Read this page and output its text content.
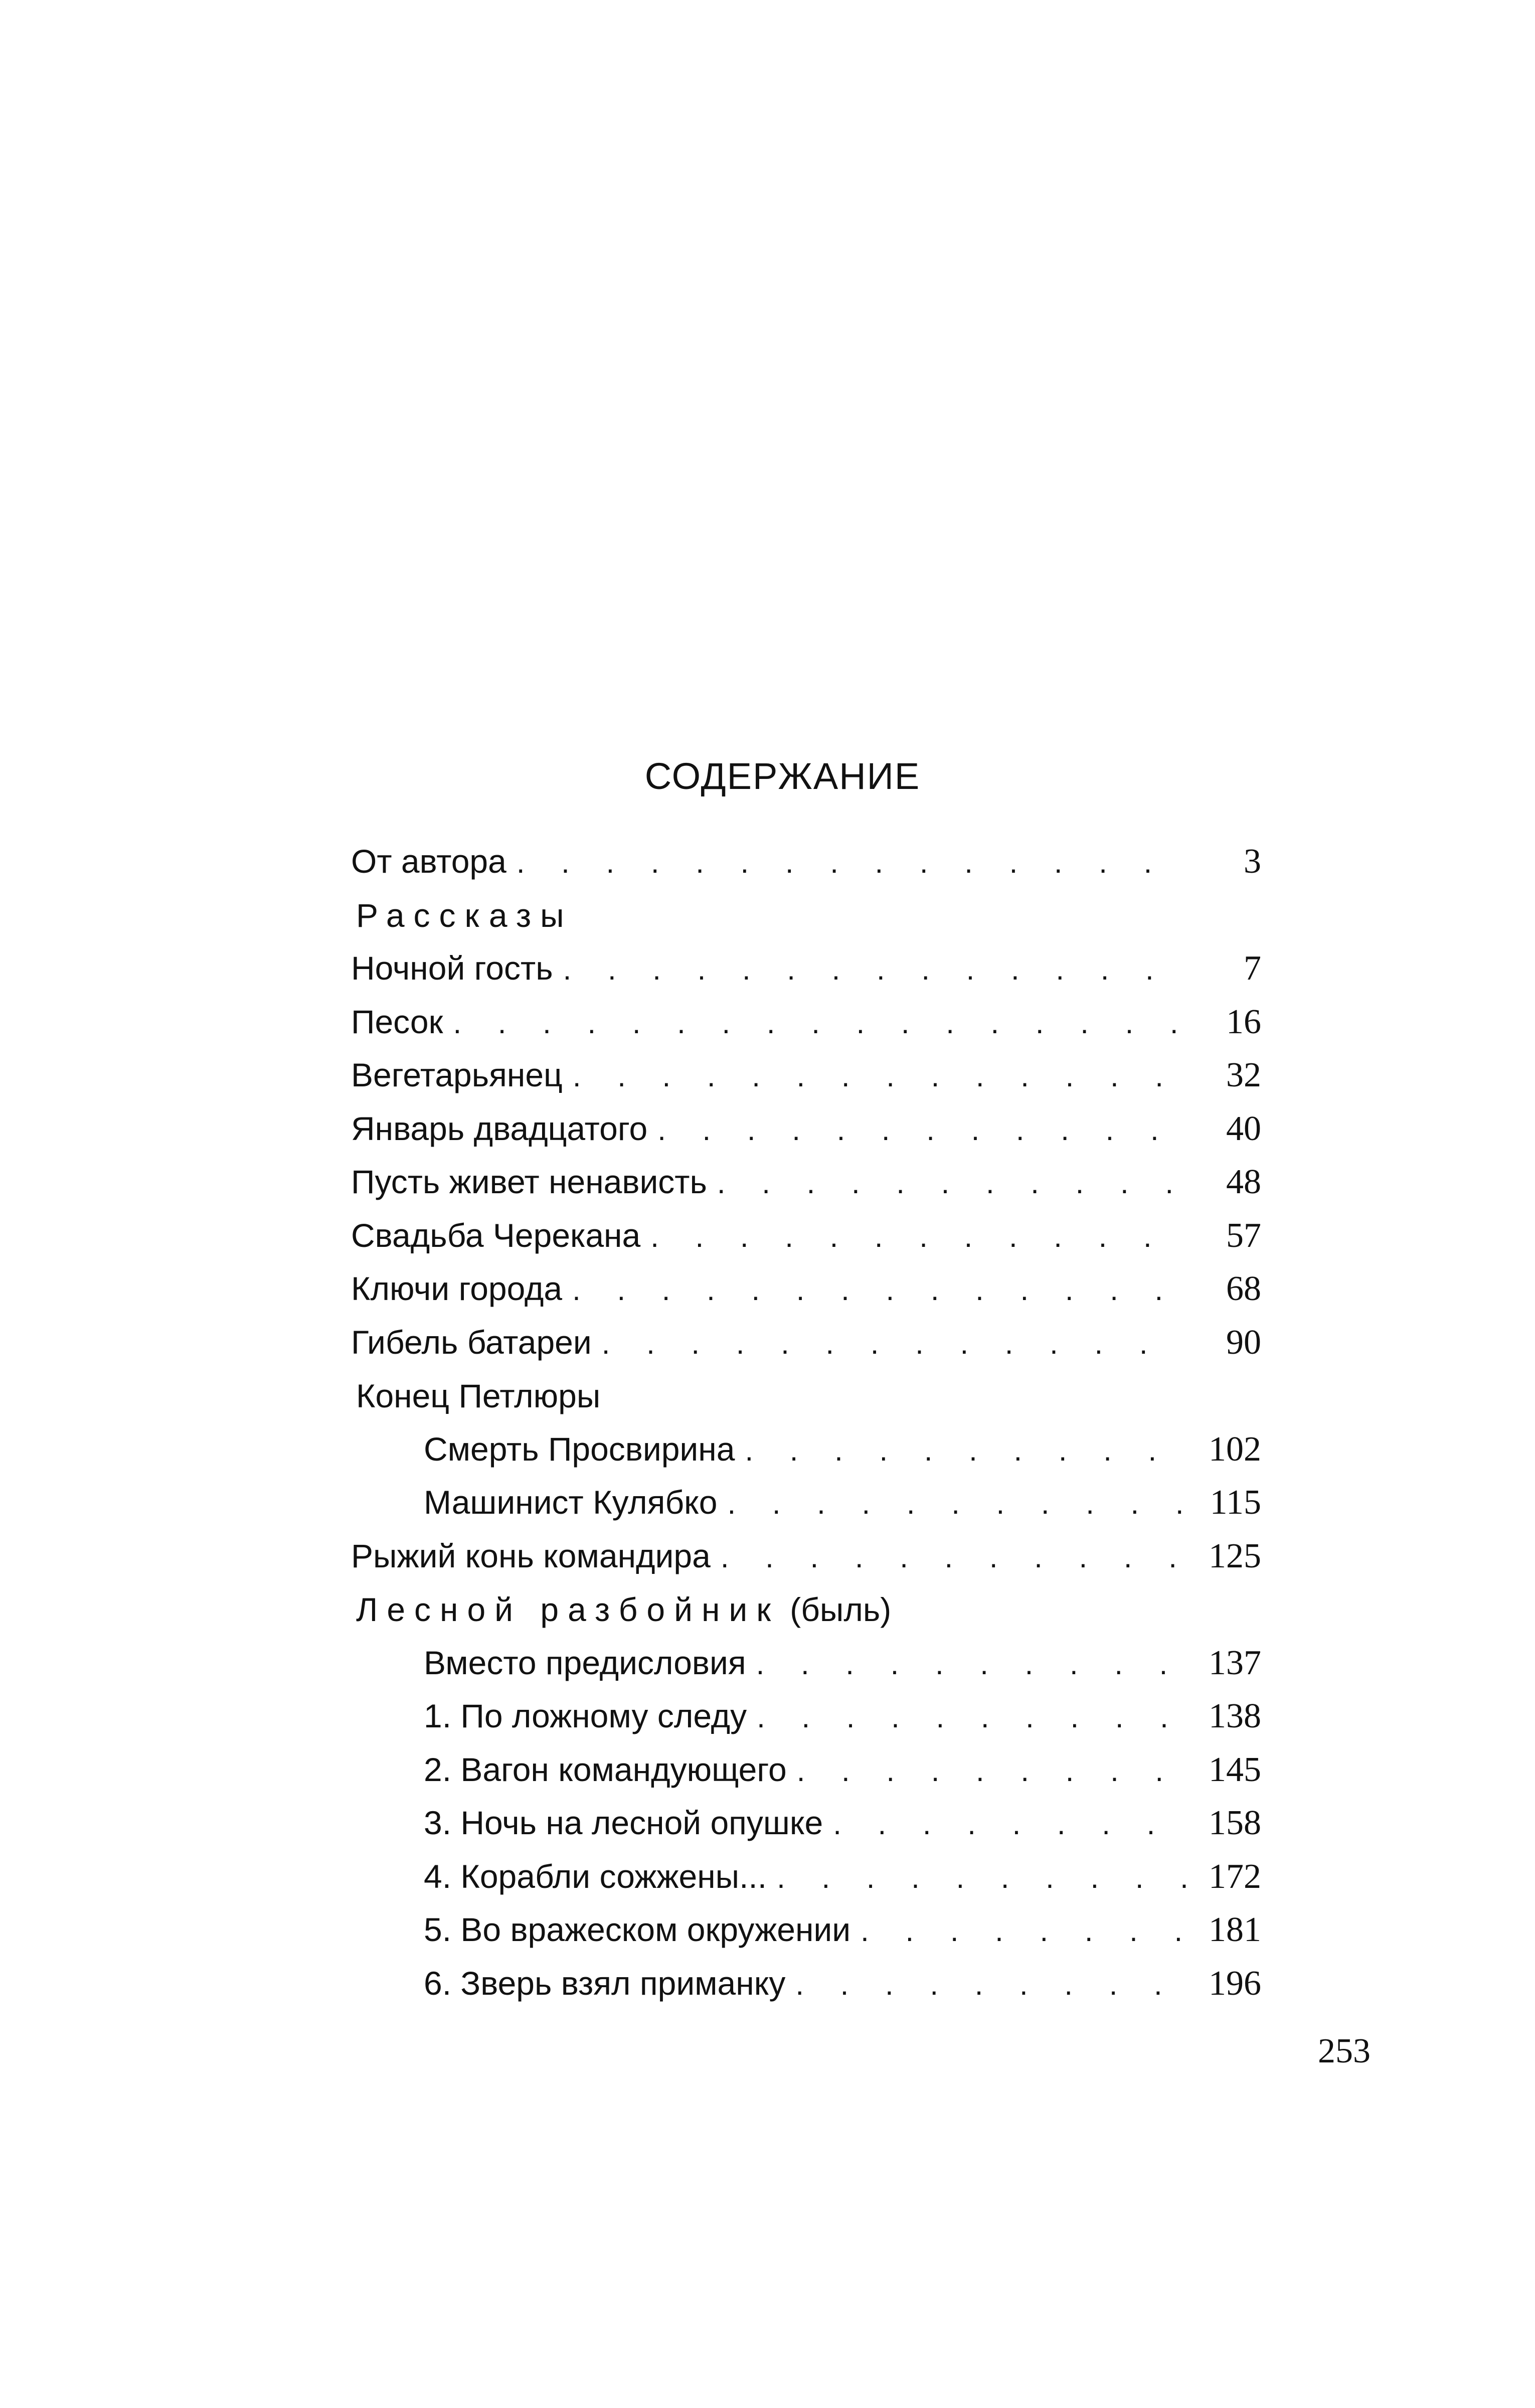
СОДЕРЖАНИЕ
От автора . . .	3
Рассказы
Ночной гость . . .	7
Песок . . .	16
Вегетарьянец . . .	32
Январь двадцатого . . .	40
Пусть живет ненависть . . .	48
Свадьба Черекана . . .	57
Ключи города . . .	68
Гибель батареи . . .	90
Конец Петлюры
Смерть Просвирина . . .	102
Машинист Кулябко . . .	115
Рыжий конь командира . . .	125
Лесной разбойник (быль)
Вместо предисловия . . .	137
1. По ложному следу . . .	138
2. Вагон командующего . . .	145
3. Ночь на лесной опушке . . .	158
4. Корабли сожжены... . . .	172
5. Во вражеском окружении . . .	181
6. Зверь взял приманку . . .	196
253
